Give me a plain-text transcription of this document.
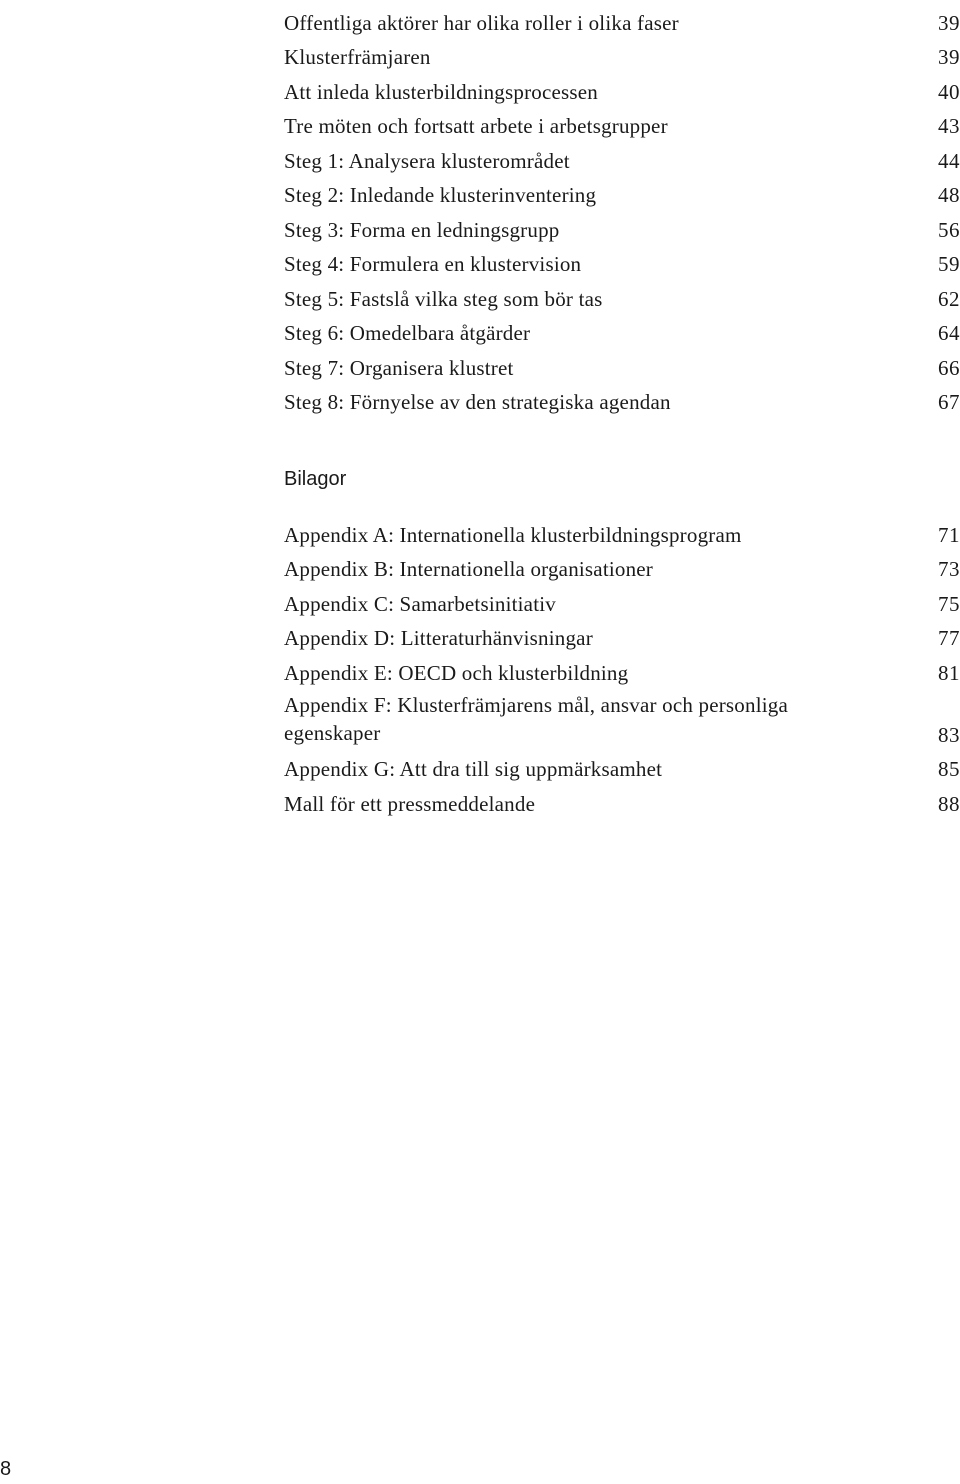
Offentliga aktörer har olika roller i olika faser	39
Klusterfrämjaren	39
Att inleda klusterbildningsprocessen	40
Tre möten och fortsatt arbete i arbetsgrupper	43
Steg 1: Analysera klusterområdet	44
Steg 2: Inledande klusterinventering	48
Steg 3: Forma en ledningsgrupp	56
Steg 4: Formulera en klustervision	59
Steg 5: Fastslå vilka steg som bör tas	62
Steg 6: Omedelbara åtgärder	64
Steg 7: Organisera klustret	66
Steg 8: Förnyelse av den strategiska agendan	67
Bilagor
Appendix A: Internationella klusterbildningsprogram	71
Appendix B: Internationella organisationer	73
Appendix C: Samarbetsinitiativ	75
Appendix D: Litteraturhänvisningar	77
Appendix E: OECD och klusterbildning	81
Appendix F: Klusterfrämjarens mål, ansvar och personliga egenskaper	83
Appendix G: Att dra till sig uppmärksamhet	85
Mall för ett pressmeddelande	88
8
